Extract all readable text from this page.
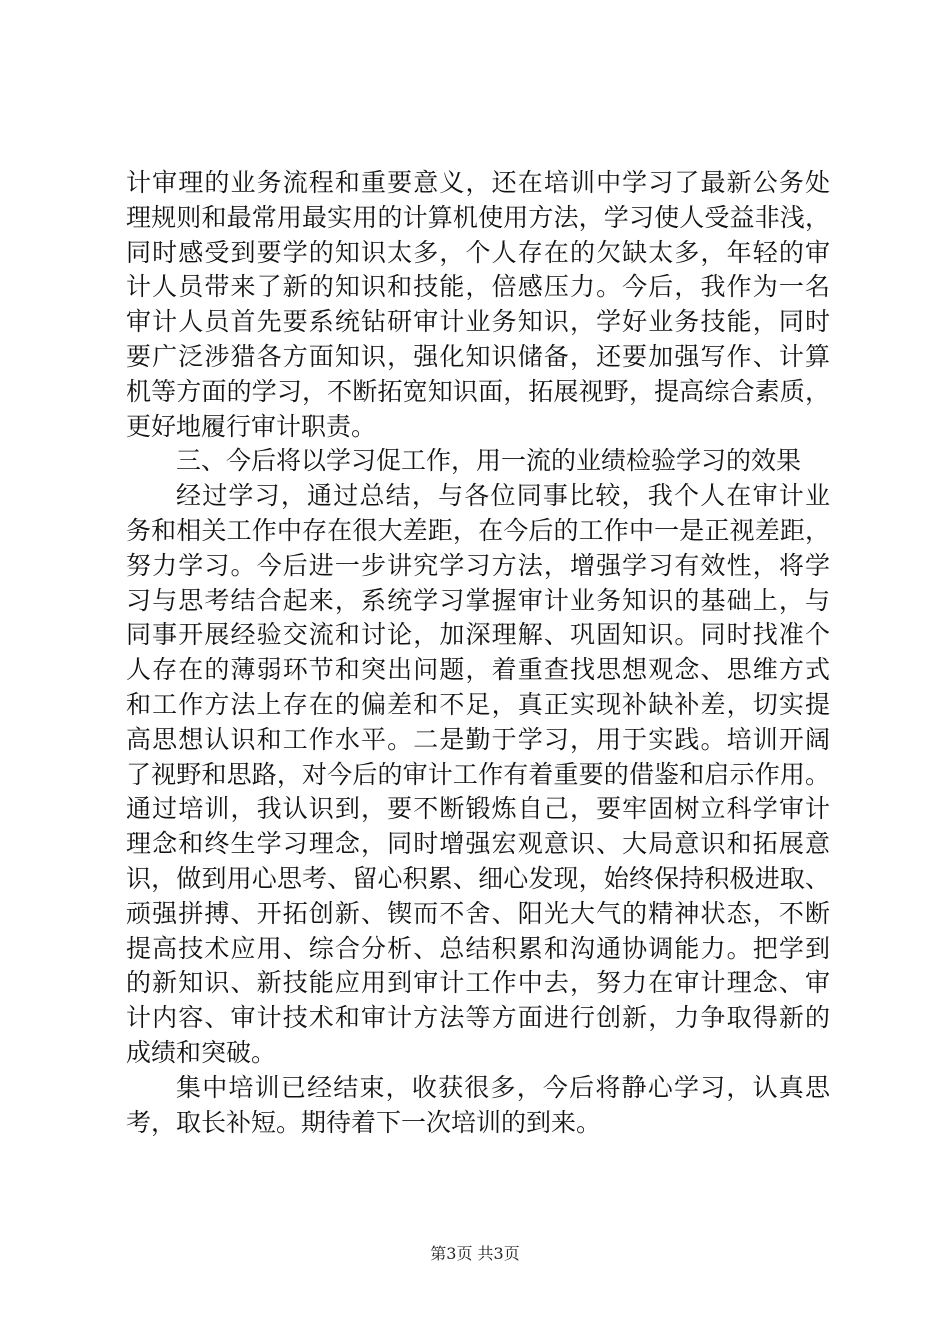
计审理的业务流程和重要意义，还在培训中学习了最新公务处
理规则和最常用最实用的计算机使用方法，学习使人受益非浅，
同时感受到要学的知识太多，个人存在的欠缺太多，年轻的审
计人员带来了新的知识和技能，倍感压力。今后，我作为一名
审计人员首先要系统钻研审计业务知识，学好业务技能，同时
要广泛涉猎各方面知识，强化知识储备，还要加强写作、计算
机等方面的学习，不断拓宽知识面，拓展视野，提高综合素质，
更好地履行审计职责。
三、今后将以学习促工作，用一流的业绩检验学习的效果
经过学习，通过总结，与各位同事比较，我个人在审计业
务和相关工作中存在很大差距，在今后的工作中一是正视差距，
努力学习。今后进一步讲究学习方法，增强学习有效性，将学
习与思考结合起来，系统学习掌握审计业务知识的基础上，与
同事开展经验交流和讨论，加深理解、巩固知识。同时找准个
人存在的薄弱环节和突出问题，着重查找思想观念、思维方式
和工作方法上存在的偏差和不足，真正实现补缺补差，切实提
高思想认识和工作水平。二是勤于学习，用于实践。培训开阔
了视野和思路，对今后的审计工作有着重要的借鉴和启示作用。
通过培训，我认识到，要不断锻炼自己，要牢固树立科学审计
理念和终生学习理念，同时增强宏观意识、大局意识和拓展意
识，做到用心思考、留心积累、细心发现，始终保持积极进取、
顽强拼搏、开拓创新、锲而不舍、阳光大气的精神状态，不断
提高技术应用、综合分析、总结积累和沟通协调能力。把学到
的新知识、新技能应用到审计工作中去，努力在审计理念、审
计内容、审计技术和审计方法等方面进行创新，力争取得新的
成绩和突破。
集中培训已经结束，收获很多，今后将静心学习，认真思
考，取长补短。期待着下一次培训的到来。
第3页 共3页
